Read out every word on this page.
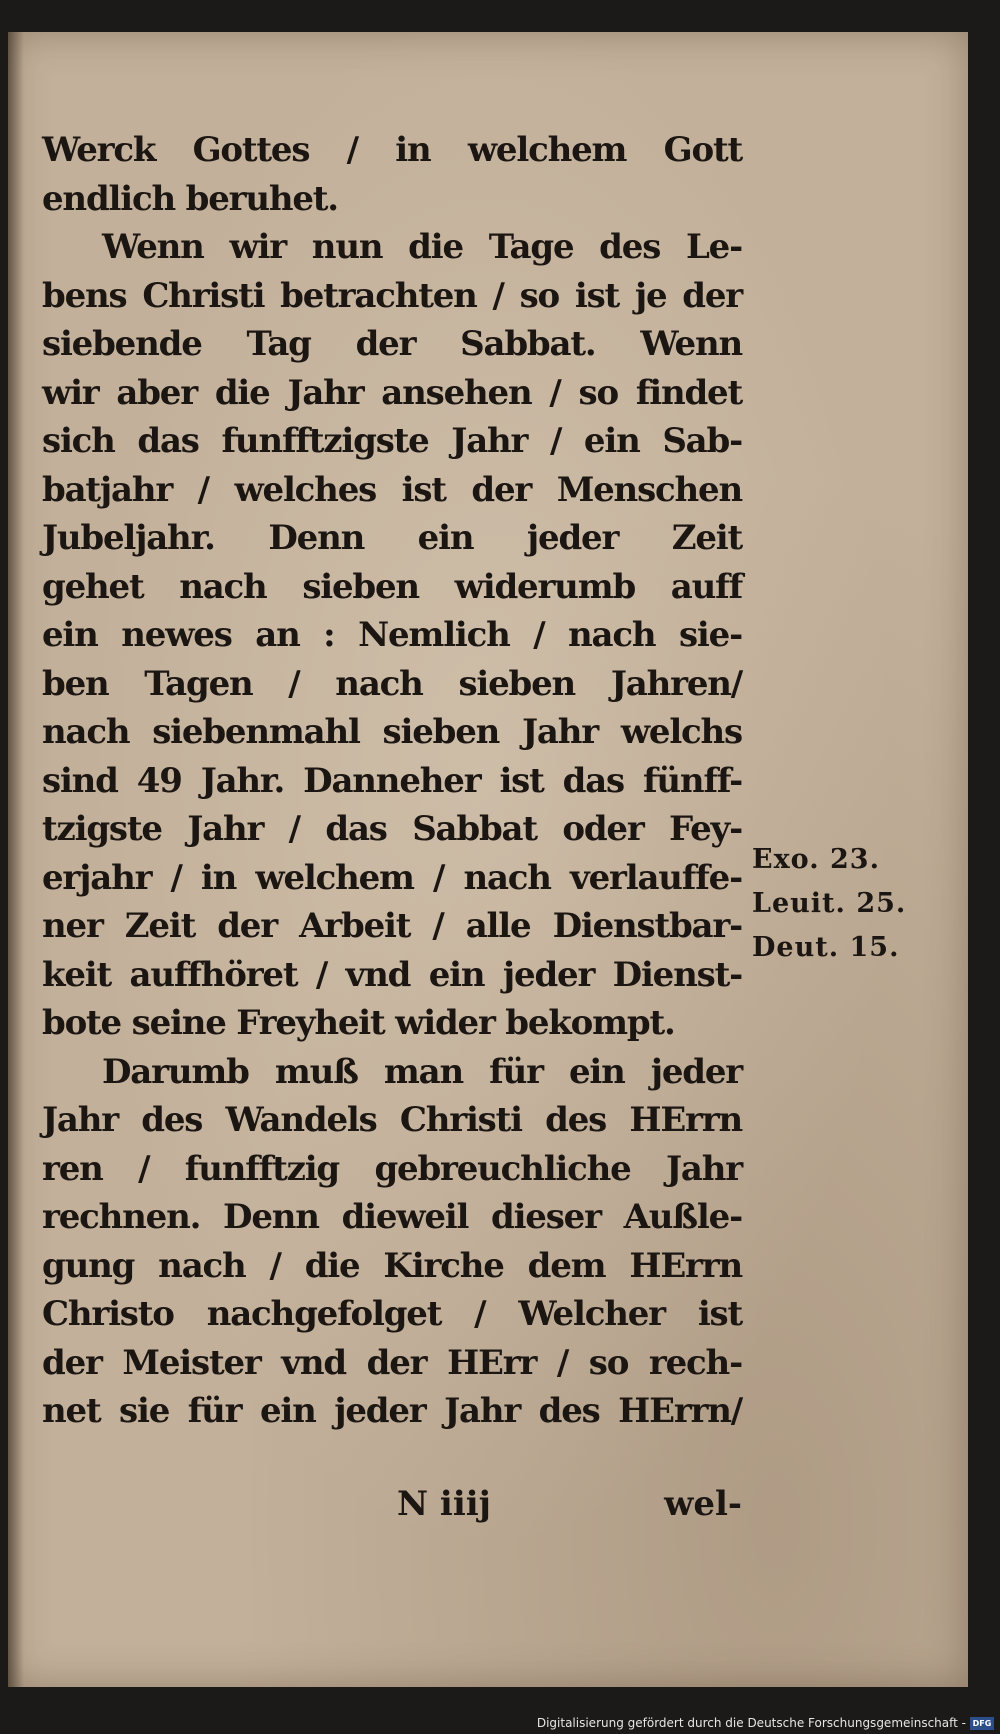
Werck Gottes / in welchem Gott
endlich beruhet.
Wenn wir nun die Tage des Le-
bens Christi betrachten / so ist je der
siebende Tag der Sabbat. Wenn
wir aber die Jahr ansehen / so findet
sich das funfftzigste Jahr / ein Sab-
batjahr / welches ist der Menschen
Jubeljahr. Denn ein jeder Zeit
gehet nach sieben widerumb auff
ein newes an : Nemlich / nach sie-
ben Tagen / nach sieben Jahren/
nach siebenmahl sieben Jahr welchs
sind 49 Jahr. Danneher ist das fünff-
tzigste Jahr / das Sabbat oder Fey-
erjahr / in welchem / nach verlauffe-
ner Zeit der Arbeit / alle Dienstbar-
keit auffhöret / vnd ein jeder Dienst-
bote seine Freyheit wider bekompt.
Darumb muß man für ein jeder
Jahr des Wandels Christi des HErrn
ren / funfftzig gebreuchliche Jahr
rechnen. Denn dieweil dieser Außle-
gung nach / die Kirche dem HErrn
Christo nachgefolget / Welcher ist
der Meister vnd der HErr / so rech-
net sie für ein jeder Jahr des HErrn/
N iiij	wel-
Exo. 23.
Leuit. 25.
Deut. 15.
Digitalisierung gefördert durch die Deutsche Forschungsgemeinschaft - DFG
